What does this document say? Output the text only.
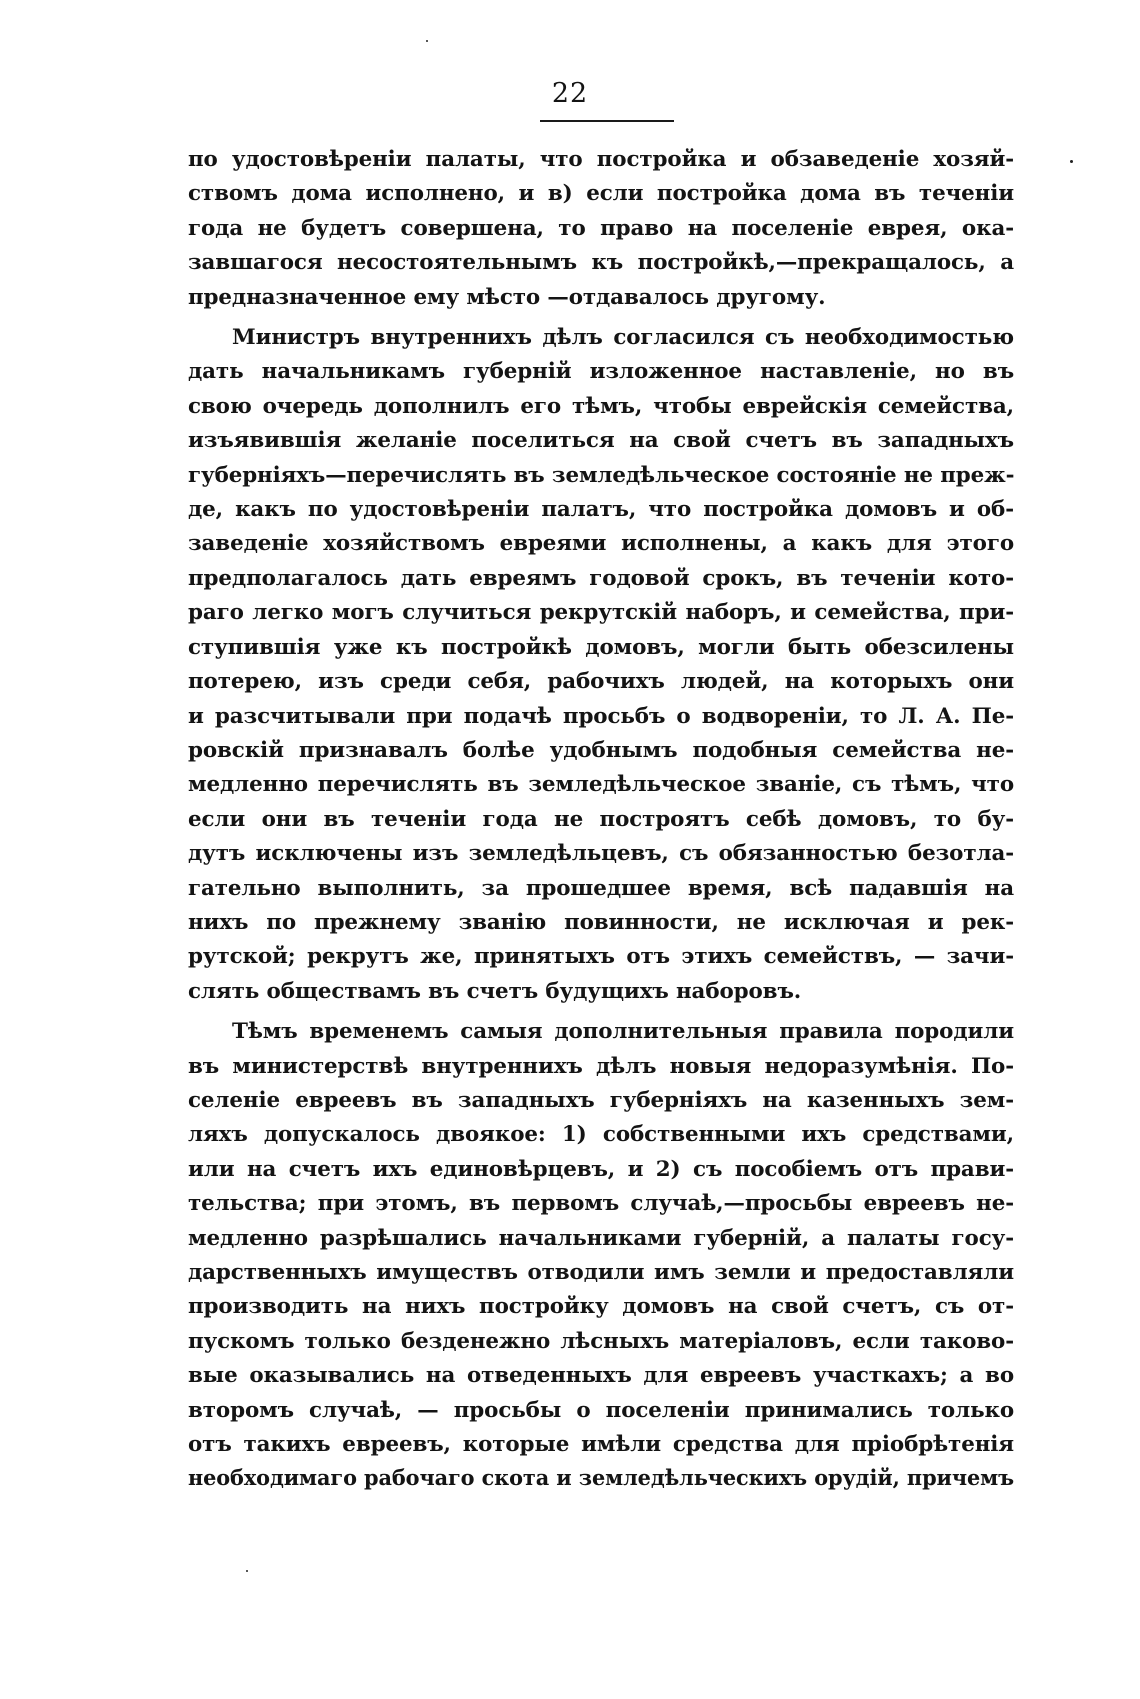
22
по удостовѣреніи палаты, что постройка и обзаведеніе хозяй-
ствомъ дома исполнено, и в) если постройка дома въ теченіи
года не будетъ совершена, то право на поселеніе еврея, ока-
завшагося несостоятельнымъ къ постройкѣ,—прекращалось, а
предназначенное ему мѣсто —отдавалось другому.
Министръ внутреннихъ дѣлъ согласился съ необходимостью
дать начальникамъ губерній изложенное наставленіе, но въ
свою очередь дополнилъ его тѣмъ, чтобы еврейскія семейства,
изъявившія желаніе поселиться на свой счетъ въ западныхъ
губерніяхъ—перечислять въ земледѣльческое состояніе не преж-
де, какъ по удостовѣреніи палатъ, что постройка домовъ и об-
заведеніе хозяйствомъ евреями исполнены, а какъ для этого
предполагалось дать евреямъ годовой срокъ, въ теченіи кото-
раго легко могъ случиться рекрутскій наборъ, и семейства, при-
ступившія уже къ постройкѣ домовъ, могли быть обезсилены
потерею, изъ среди себя, рабочихъ людей, на которыхъ они
и разсчитывали при подачѣ просьбъ о водвореніи, то Л. А. Пе-
ровскій признавалъ болѣе удобнымъ подобныя семейства не-
медленно перечислять въ земледѣльческое званіе, съ тѣмъ, что
если они въ теченіи года не построятъ себѣ домовъ, то бу-
дутъ исключены изъ земледѣльцевъ, съ обязанностью безотла-
гательно выполнить, за прошедшее время, всѣ падавшія на
нихъ по прежнему званію повинности, не исключая и рек-
рутской; рекрутъ же, принятыхъ отъ этихъ семействъ, — зачи-
слять обществамъ въ счетъ будущихъ наборовъ.
Тѣмъ временемъ самыя дополнительныя правила породили
въ министерствѣ внутреннихъ дѣлъ новыя недоразумѣнія. По-
селеніе евреевъ въ западныхъ губерніяхъ на казенныхъ зем-
ляхъ допускалось двоякое: 1) собственными ихъ средствами,
или на счетъ ихъ единовѣрцевъ, и 2) съ пособіемъ отъ прави-
тельства; при этомъ, въ первомъ случаѣ,—просьбы евреевъ не-
медленно разрѣшались начальниками губерній, а палаты госу-
дарственныхъ имуществъ отводили имъ земли и предоставляли
производить на нихъ постройку домовъ на свой счетъ, съ от-
пускомъ только безденежно лѣсныхъ матеріаловъ, если таково-
вые оказывались на отведенныхъ для евреевъ участкахъ; а во
второмъ случаѣ, — просьбы о поселеніи принимались только
отъ такихъ евреевъ, которые имѣли средства для пріобрѣтенія
необходимаго рабочаго скота и земледѣльческихъ орудій, причемъ
